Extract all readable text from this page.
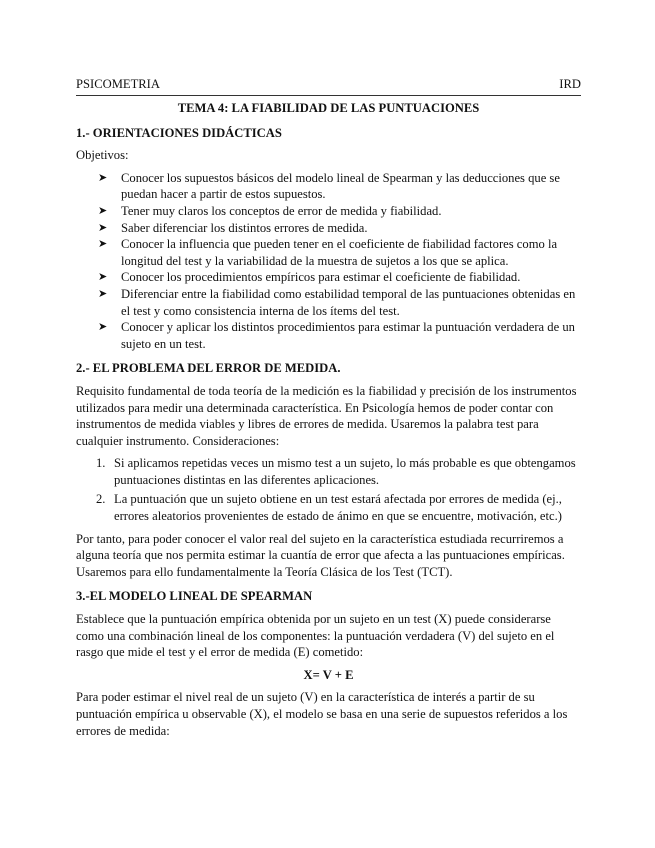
PSICOMETRIA	IRD
TEMA 4: LA FIABILIDAD DE LAS PUNTUACIONES
1.- ORIENTACIONES DIDÁCTICAS

Objetivos:

➤ Conocer los supuestos básicos del modelo lineal de Spearman y las deducciones que se puedan hacer a partir de estos supuestos.
➤ Tener muy claros los conceptos de error de medida y fiabilidad.
➤ Saber diferenciar los distintos errores de medida.
➤ Conocer la influencia que pueden tener en el coeficiente de fiabilidad factores como la longitud del test y la variabilidad de la muestra de sujetos a los que se aplica.
➤ Conocer los procedimientos empíricos para estimar el coeficiente de fiabilidad.
➤ Diferenciar entre la fiabilidad como estabilidad temporal de las puntuaciones obtenidas en el test y como consistencia interna de los ítems del test.
➤ Conocer y aplicar los distintos procedimientos para estimar la puntuación verdadera de un sujeto en un test.
2.- EL PROBLEMA DEL ERROR DE MEDIDA.

Requisito fundamental de toda teoría de la medición es la fiabilidad y precisión de los instrumentos utilizados para medir una determinada característica. En Psicología hemos de poder contar con instrumentos de medida viables y libres de errores de medida. Usaremos la palabra test para cualquier instrumento. Consideraciones:

1. Si aplicamos repetidas veces un mismo test a un sujeto, lo más probable es que obtengamos puntuaciones distintas en las diferentes aplicaciones.
2. La puntuación que un sujeto obtiene en un test estará afectada por errores de medida (ej., errores aleatorios provenientes de estado de ánimo en que se encuentre, motivación, etc.)

Por tanto, para poder conocer el valor real del sujeto en la característica estudiada recurriremos a alguna teoría que nos permita estimar la cuantía de error que afecta a las puntuaciones empíricas. Usaremos para ello fundamentalmente la Teoría Clásica de los Test (TCT).

3.-EL MODELO LINEAL DE SPEARMAN

Establece que la puntuación empírica obtenida por un sujeto en un test (X) puede considerarse como una combinación lineal de los componentes: la puntuación verdadera (V) del sujeto en el rasgo que mide el test y el error de medida (E) cometido:

X= V + E

Para poder estimar el nivel real de un sujeto (V) en la característica de interés a partir de su puntuación empírica u observable (X), el modelo se basa en una serie de supuestos referidos a los errores de medida:
